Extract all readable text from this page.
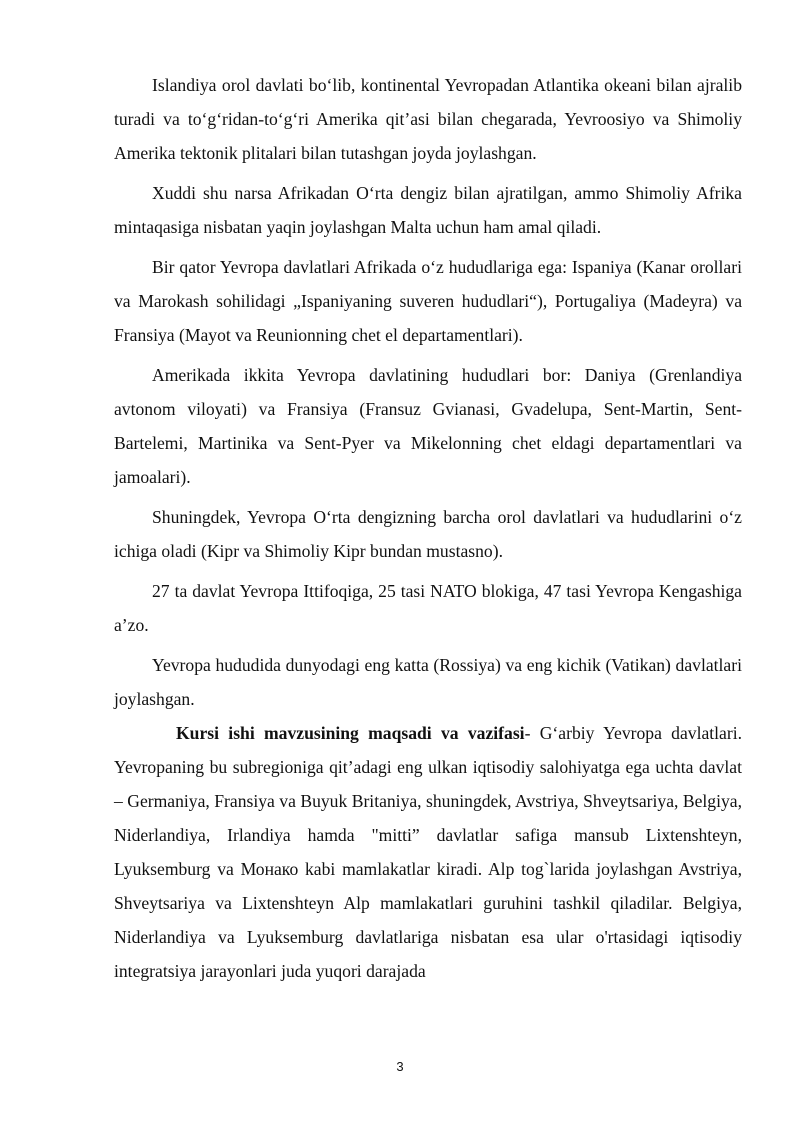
Islandiya orol davlati bo‘lib, kontinental Yevropadan Atlantika okeani bilan ajralib turadi va to‘g‘ridan-to‘g‘ri Amerika qit’asi bilan chegarada, Yevroosiyo va Shimoliy Amerika tektonik plitalari bilan tutashgan joyda joylashgan.

Xuddi shu narsa Afrikadan O‘rta dengiz bilan ajratilgan, ammo Shimoliy Afrika mintaqasiga nisbatan yaqin joylashgan Malta uchun ham amal qiladi.

Bir qator Yevropa davlatlari Afrikada o‘z hududlariga ega: Ispaniya (Kanar orollari va Marokash sohilidagi „Ispaniyaning suveren hududlari“), Portugaliya (Madeyra) va Fransiya (Mayot va Reunionning chet el departamentlari).

Amerikada ikkita Yevropa davlatining hududlari bor: Daniya (Grenlandiya avtonom viloyati) va Fransiya (Fransuz Gvianasi, Gvadelupa, Sent-Martin, Sent-Bartelemi, Martinika va Sent-Pyer va Mikelonning chet eldagi departamentlari va jamoalari).

Shuningdek, Yevropa O‘rta dengizning barcha orol davlatlari va hududlarini o‘z ichiga oladi (Kipr va Shimoliy Kipr bundan mustasno).

27 ta davlat Yevropa Ittifoqiga, 25 tasi NATO blokiga, 47 tasi Yevropa Kengashiga a’zo.

Yevropa hududida dunyodagi eng katta (Rossiya) va eng kichik (Vatikan) davlatlari joylashgan.

Kursi ishi mavzusining maqsadi va vazifasi- G‘arbiy Yevropa davlatlari. Yevropaning bu subregioniga qit’adagi eng ulkan iqtisodiy salohiyatga ega uchta davlat – Germaniya, Fransiya va Buyuk Britaniya, shuningdek, Avstriya, Shveytsariya, Belgiya, Niderlandiya, Irlandiya hamda "mitti” davlatlar safiga mansub Lixtenshteyn, Lyuksemburg va Монако kabi mamlakatlar kiradi. Alp tog`larida joylashgan Avstriya, Shveytsariya va Lixtenshteyn Alp mamlakatlari guruhini tashkil qiladilar. Belgiya, Niderlandiya va Lyuksemburg davlatlariga nisbatan esa ular o'rtasidagi iqtisodiy integratsiya jarayonlari juda yuqori darajada

3
